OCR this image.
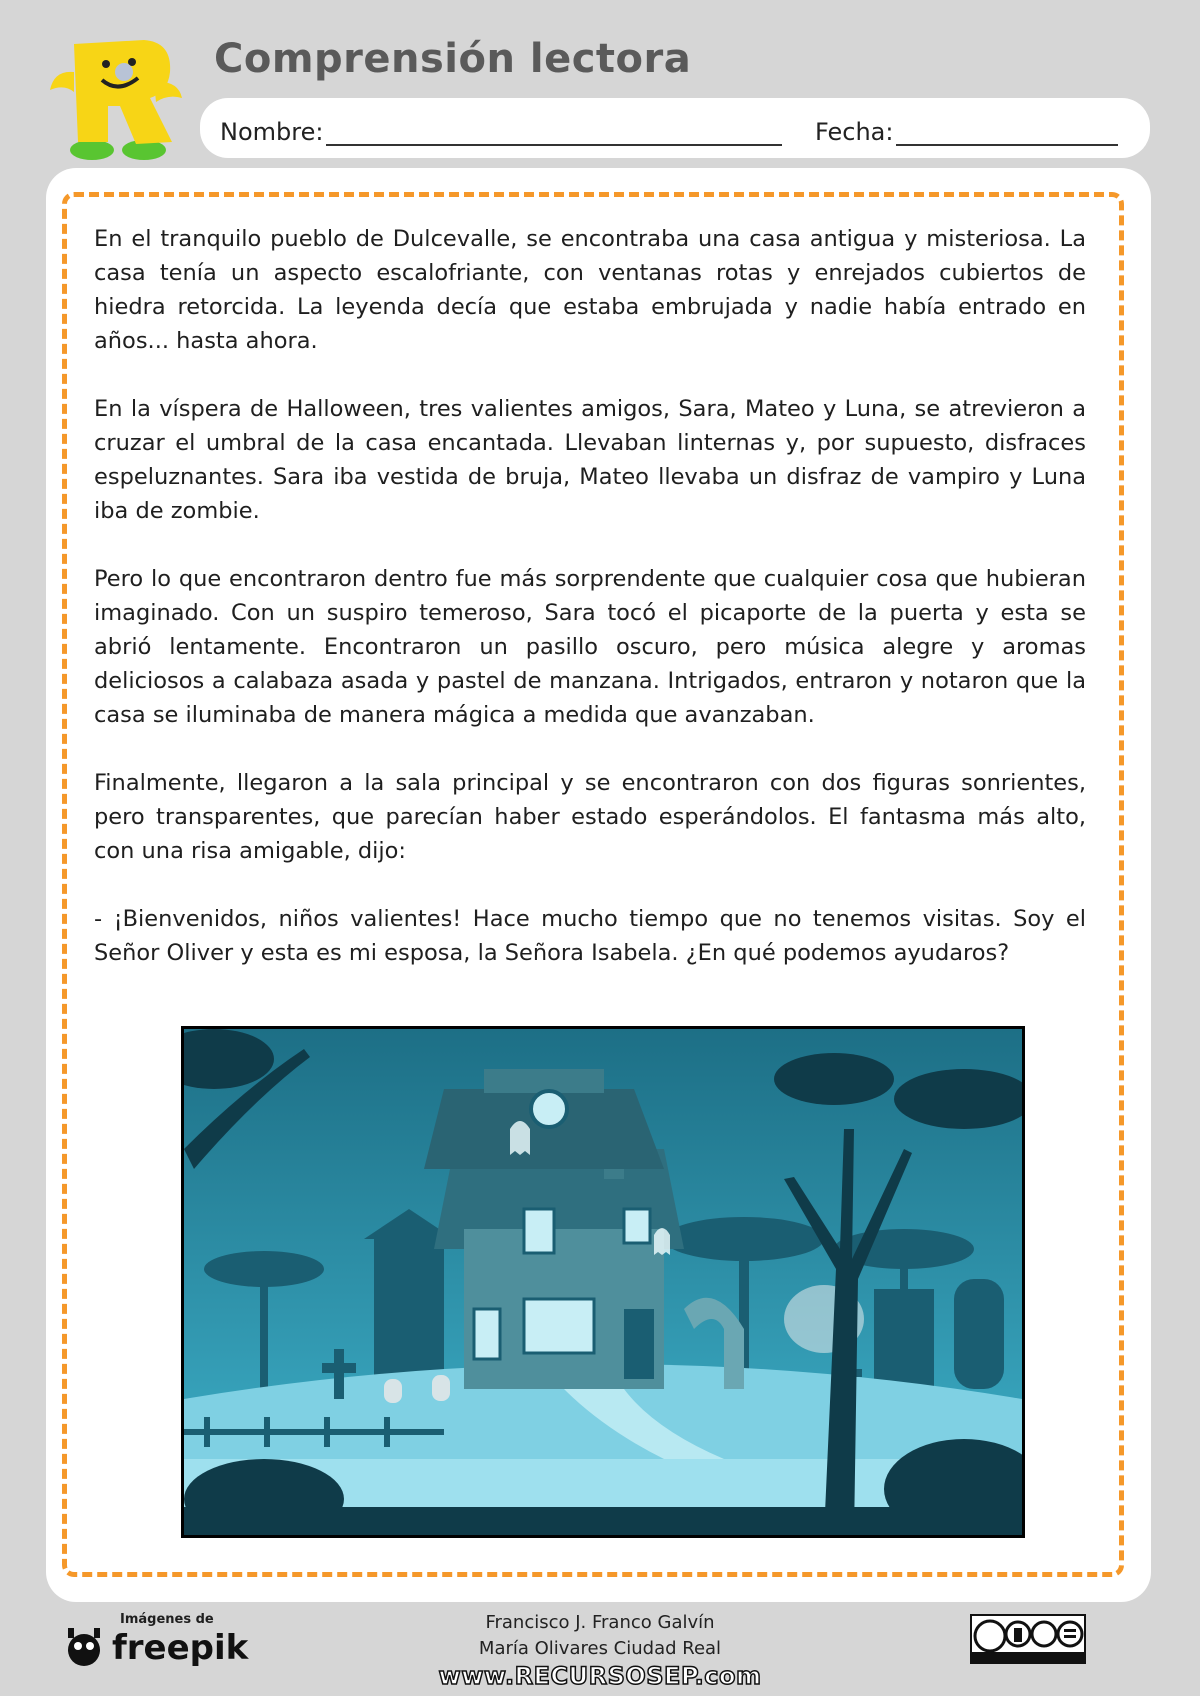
Comprensión lectora
Nombre:	Fecha:

En el tranquilo pueblo de Dulcevalle, se encontraba una casa antigua y misteriosa. La casa tenía un aspecto escalofriante, con ventanas rotas y enrejados cubiertos de hiedra retorcida. La leyenda decía que estaba embrujada y nadie había entrado en años... hasta ahora.

En la víspera de Halloween, tres valientes amigos, Sara, Mateo y Luna, se atrevieron a cruzar el umbral de la casa encantada. Llevaban linternas y, por supuesto, disfraces espeluznantes. Sara iba vestida de bruja, Mateo llevaba un disfraz de vampiro y Luna iba de zombie.

Pero lo que encontraron dentro fue más sorprendente que cualquier cosa que hubieran imaginado. Con un suspiro temeroso, Sara tocó el picaporte de la puerta y esta se abrió lentamente. Encontraron un pasillo oscuro, pero música alegre y aromas deliciosos a calabaza asada y pastel de manzana. Intrigados, entraron y notaron que la casa se iluminaba de manera mágica a medida que avanzaban.

Finalmente, llegaron a la sala principal y se encontraron con dos figuras sonrientes, pero transparentes, que parecían haber estado esperándolos. El fantasma más alto, con una risa amigable, dijo:

- ¡Bienvenidos, niños valientes! Hace mucho tiempo que no tenemos visitas. Soy el Señor Oliver y esta es mi esposa, la Señora Isabela. ¿En qué podemos ayudaros?

Imágenes de
freepik
Francisco J. Franco Galvín
María Olivares Ciudad Real
www.RECURSOSEP.com
